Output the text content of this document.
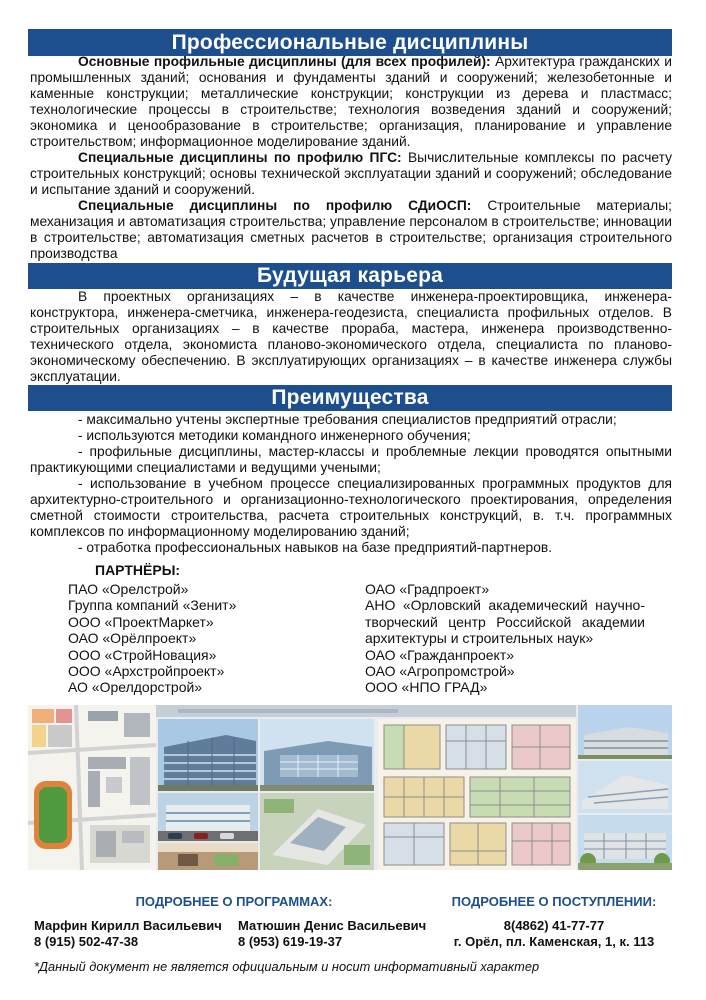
Профессиональные дисциплины

Основные профильные дисциплины (для всех профилей): Архитектура гражданских и промышленных зданий; основания и фундаменты зданий и сооружений; железобетонные и каменные конструкции; металлические конструкции; конструкции из дерева и пластмасс; технологические процессы в строительстве; технология возведения зданий и сооружений; экономика и ценообразование в строительстве; организация, планирование и управление строительством; информационное моделирование зданий.

Специальные дисциплины по профилю ПГС: Вычислительные комплексы по расчету строительных конструкций; основы технической эксплуатации зданий и сооружений; обследование и испытание зданий и сооружений.

Специальные дисциплины по профилю СДиОСП: Строительные материалы; механизация и автоматизация строительства; управление персоналом в строительстве; инновации в строительстве; автоматизация сметных расчетов в строительстве; организация строительного производства

Будущая карьера

В проектных организациях – в качестве инженера-проектировщика, инженера-конструктора, инженера-сметчика, инженера-геодезиста, специалиста профильных отделов. В строительных организациях – в качестве прораба, мастера, инженера производственно-технического отдела, экономиста планово-экономического отдела, специалиста по планово-экономическому обеспечению. В эксплуатирующих организациях – в качестве инженера службы эксплуатации.

Преимущества

- максимально учтены экспертные требования специалистов предприятий отрасли;

- используются методики командного инженерного обучения;

- профильные дисциплины, мастер-классы и проблемные лекции проводятся опытными практикующими специалистами и ведущими учеными;

- использование в учебном процессе специализированных программных продуктов для архитектурно-строительного и организационно-технологического проектирования, определения сметной стоимости строительства, расчета строительных конструкций, в. т.ч. программных комплексов по информационному моделированию зданий;

- отработка профессиональных навыков на базе предприятий-партнеров.

ПАРТНЁРЫ:
ПАО «Орелстрой»
Группа компаний «Зенит»
ООО «ПроектМаркет»
ОАО «Орёлпроект»
ООО «СтройНовация»
ООО «Архстройпроект»
АО «Орелдорстрой»
ОАО «Градпроект»
АНО «Орловский академический научно-творческий центр Российской академии архитектуры и строительных наук»
ОАО «Гражданпроект»
ОАО «Агропромстрой»
ООО «НПО ГРАД»
ПОДРОБНЕЕ О ПРОГРАММАХ:	ПОДРОБНЕЕ О ПОСТУПЛЕНИИ:
Марфин Кирилл Васильевич
8 (915) 502-47-38
Матюшин Денис Васильевич
8 (953) 619-19-37
8(4862) 41-77-77
г. Орёл, пл. Каменская, 1, к. 113
*Данный документ не является официальным и носит информативный характер
